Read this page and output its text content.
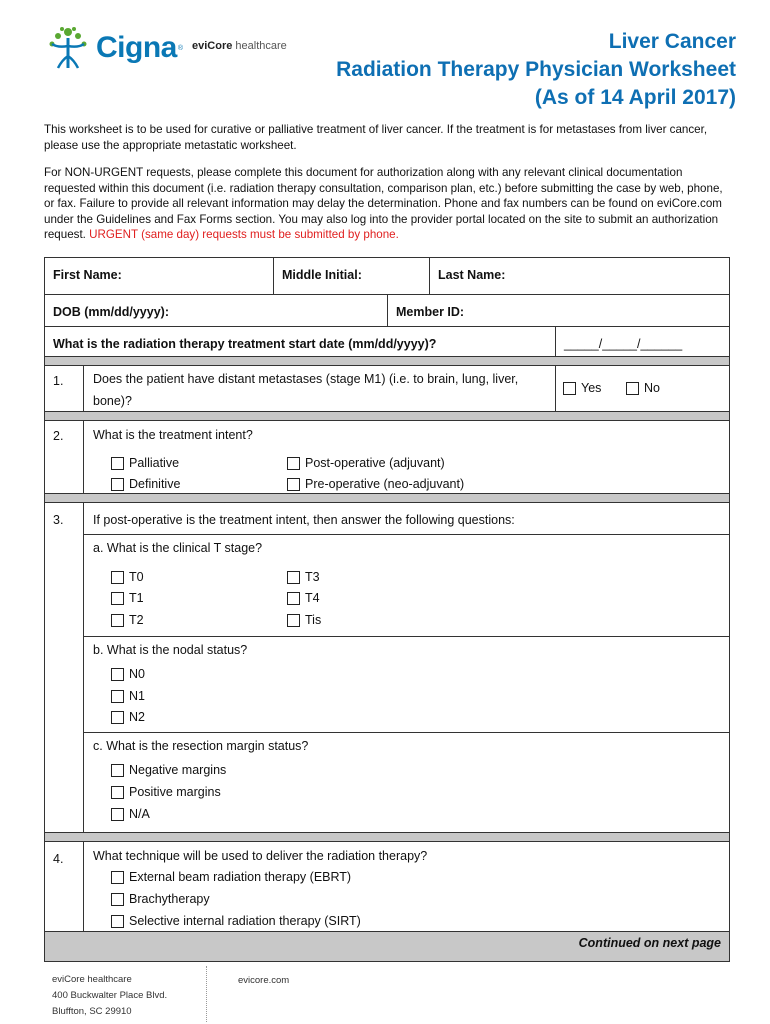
Cigna ® eviCore healthcare	Liver Cancer
Radiation Therapy Physician Worksheet
(As of 14 April 2017)

This worksheet is to be used for curative or palliative treatment of liver cancer. If the treatment is for metastases from liver cancer, please use the appropriate metastatic worksheet.

For NON-URGENT requests, please complete this document for authorization along with any relevant clinical documentation requested within this document (i.e. radiation therapy consultation, comparison plan, etc.) before submitting the case by web, phone, or fax. Failure to provide all relevant information may delay the determination. Phone and fax numbers can be found on eviCore.com under the Guidelines and Fax Forms section. You may also log into the provider portal located on the site to submit an authorization request. URGENT (same day) requests must be submitted by phone.

First Name:	Middle Initial:	Last Name:
DOB (mm/dd/yyyy):	Member ID:
What is the radiation therapy treatment start date (mm/dd/yyyy)?	_____/_____/______
1. Does the patient have distant metastases (stage M1) (i.e. to brain, lung, liver, bone)?
Yes	No
2. What is the treatment intent?
Palliative
Definitive
Post-operative (adjuvant)
Pre-operative (neo-adjuvant)
3. If post-operative is the treatment intent, then answer the following questions:
a. What is the clinical T stage?
T0
T1
T2
T3
T4
Tis
b. What is the nodal status?
N0
N1
N2
c. What is the resection margin status?
Negative margins
Positive margins
N/A
4. What technique will be used to deliver the radiation therapy?
External beam radiation therapy (EBRT)
Brachytherapy
Selective internal radiation therapy (SIRT)
Continued on next page
eviCore healthcare
400 Buckwalter Place Blvd.
Bluffton, SC 29910
evicore.com
